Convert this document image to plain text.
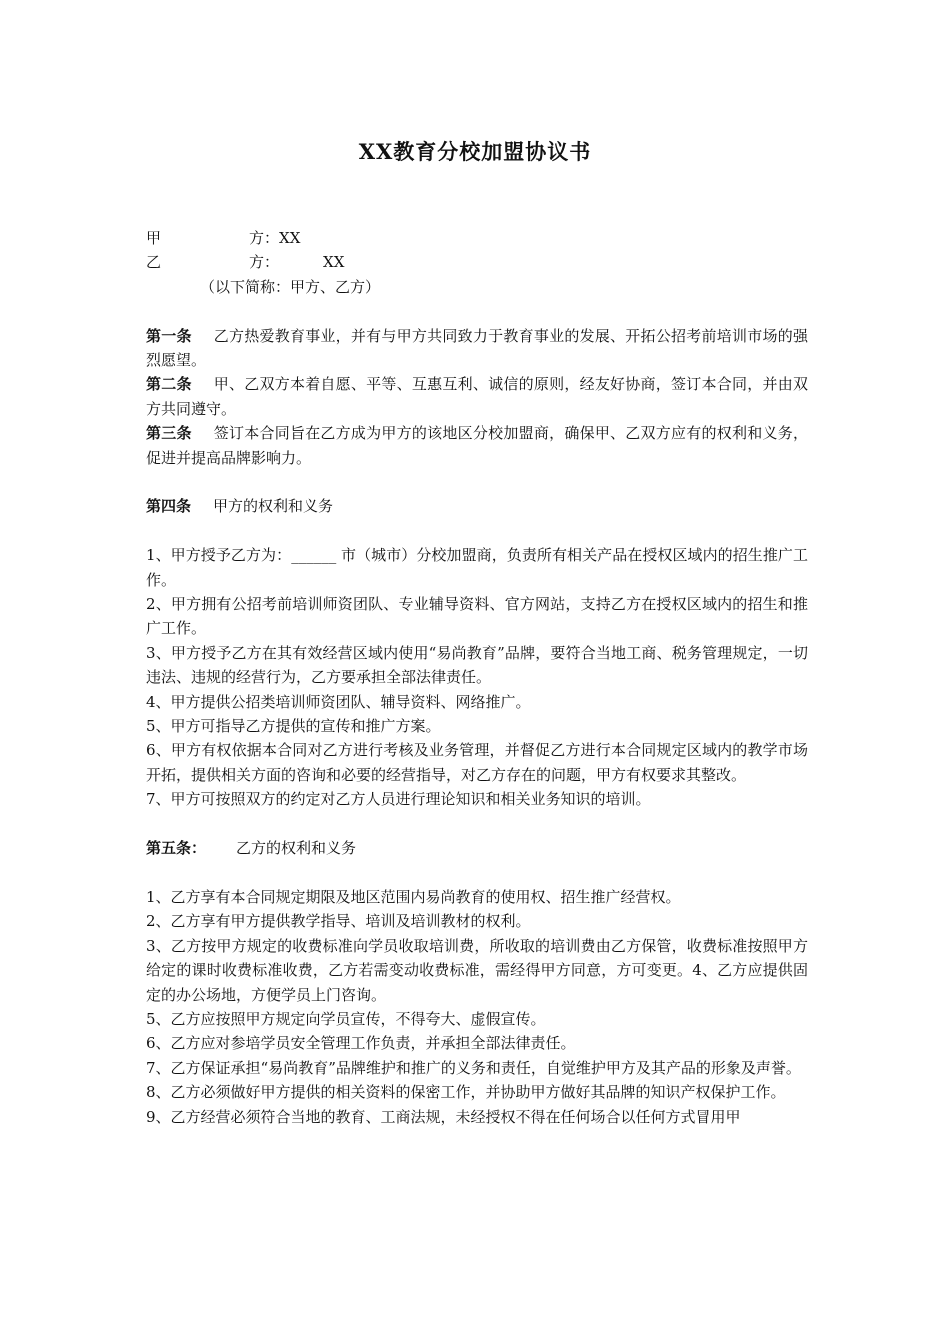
XX教育分校加盟协议书
甲	方：XX
乙	方：	XX
（以下简称：甲方、乙方）

第一条 乙方热爱教育事业，并有与甲方共同致力于教育事业的发展、开拓公招考前培训市场的强烈愿望。

第二条 甲、乙双方本着自愿、平等、互惠互利、诚信的原则，经友好协商，签订本合同，并由双方共同遵守。

第三条 签订本合同旨在乙方成为甲方的该地区分校加盟商，确保甲、乙双方应有的权利和义务，促进并提高品牌影响力。

第四条 甲方的权利和义务

1、甲方授予乙方为：______ 市（城市）分校加盟商，负责所有相关产品在授权区域内的招生推广工作。

2、甲方拥有公招考前培训师资团队、专业辅导资料、官方网站，支持乙方在授权区域内的招生和推广工作。

3、甲方授予乙方在其有效经营区域内使用“易尚教育”品牌，要符合当地工商、税务管理规定，一切违法、违规的经营行为，乙方要承担全部法律责任。

4、甲方提供公招类培训师资团队、辅导资料、网络推广。

5、甲方可指导乙方提供的宣传和推广方案。

6、甲方有权依据本合同对乙方进行考核及业务管理，并督促乙方进行本合同规定区域内的教学市场开拓，提供相关方面的咨询和必要的经营指导，对乙方存在的问题，甲方有权要求其整改。

7、甲方可按照双方的约定对乙方人员进行理论知识和相关业务知识的培训。

第五条： 乙方的权利和义务

1、乙方享有本合同规定期限及地区范围内易尚教育的使用权、招生推广经营权。

2、乙方享有甲方提供教学指导、培训及培训教材的权利。

3、乙方按甲方规定的收费标准向学员收取培训费，所收取的培训费由乙方保管，收费标准按照甲方给定的课时收费标准收费，乙方若需变动收费标准，需经得甲方同意，方可变更。4、乙方应提供固定的办公场地，方便学员上门咨询。

5、乙方应按照甲方规定向学员宣传，不得夸大、虚假宣传。

6、乙方应对参培学员安全管理工作负责，并承担全部法律责任。

7、乙方保证承担“易尚教育”品牌维护和推广的义务和责任，自觉维护甲方及其产品的形象及声誉。

8、乙方必须做好甲方提供的相关资料的保密工作，并协助甲方做好其品牌的知识产权保护工作。

9、乙方经营必须符合当地的教育、工商法规，未经授权不得在任何场合以任何方式冒用甲
